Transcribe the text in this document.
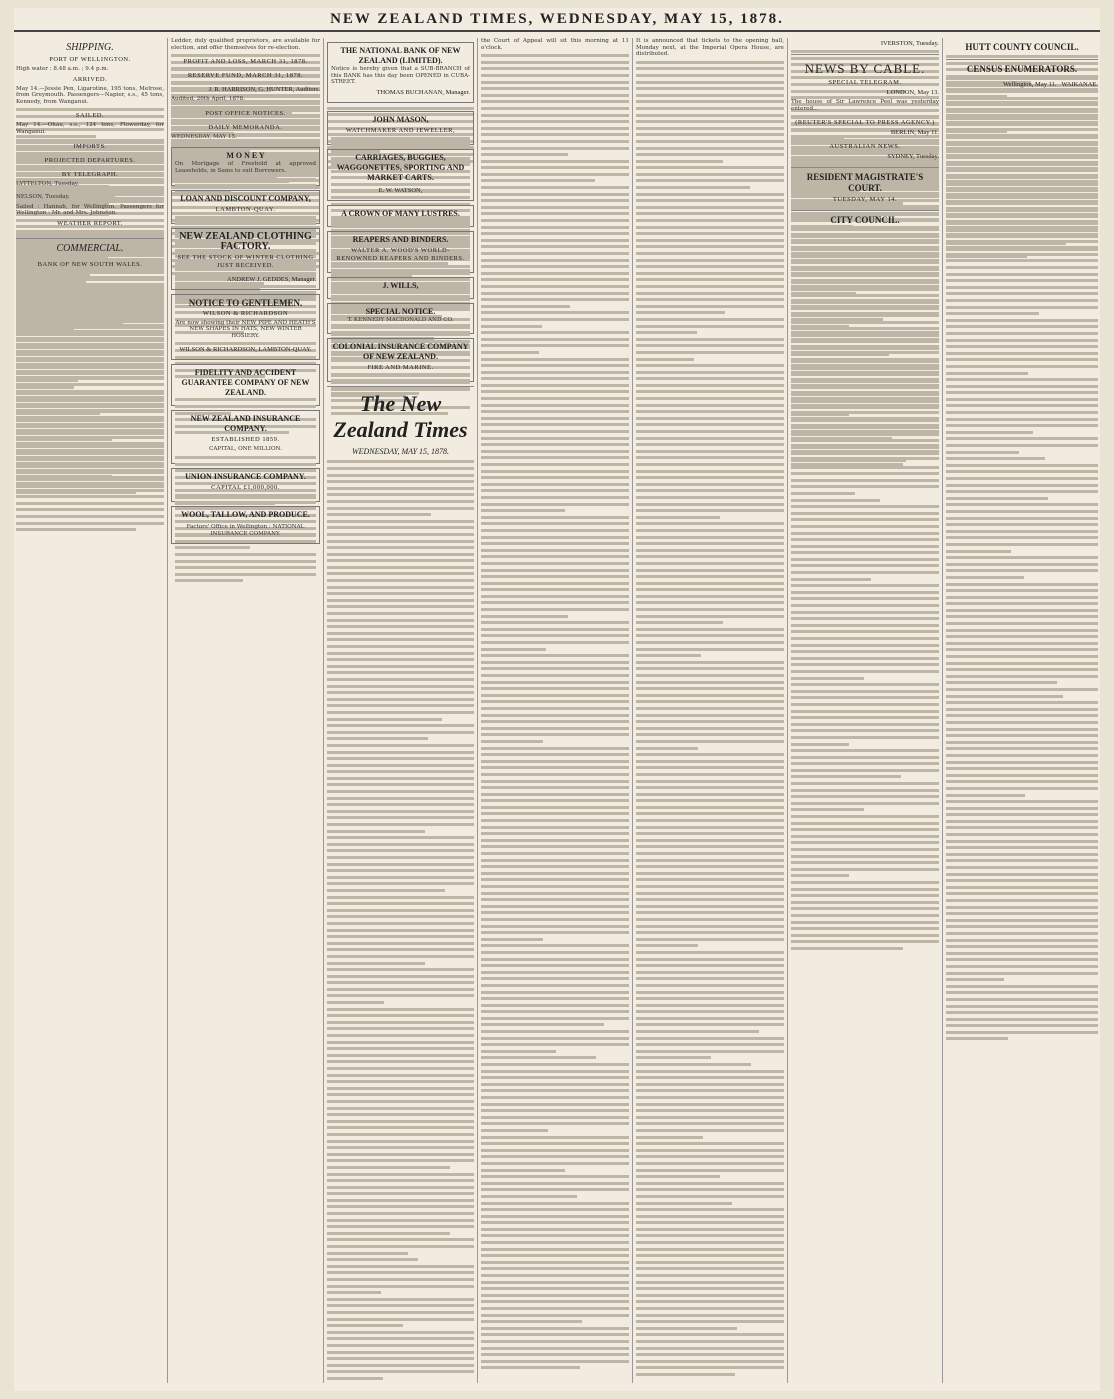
NEW ZEALAND TIMES, WEDNESDAY, MAY 15, 1878.
SHIPPING.
PORT OF WELLINGTON.

High water : 8.48 a.m. ; 9.4 p.m.

ARRIVED.

May 14.—Jessie Pen, Ligarotine, 195 tons, Melrose, from Greymouth. Passengers—Napier, s.s., 45 tons, Kennedy, from Wanganui.

SAILED.

May 14.—Ohau, s.s., 124 tons, Flowerday, for Wanganui.

IMPORTS.
PROJECTED DEPARTURES.
BY TELEGRAPH.

LYTTELTON, Tuesday.

NELSON, Tuesday.

Sailed : Hannah, for Wellington. Passengers for Wellington : Mr. and Mrs. Johnston.

WEATHER REPORT.
COMMERCIAL.
BANK OF NEW SOUTH WALES.

Ledder, duly qualified proprietors, are available for election, and offer themselves for re-election.

PROFIT AND LOSS, MARCH 31, 1878.
RESERVE FUND, MARCH 31, 1878.
J. R. HARRISON, G. HUNTER, Auditors.

Audited, 20th April, 1878.

POST OFFICE NOTICES.
DAILY MEMORANDA.

WEDNESDAY, MAY 15.

M O N E Y

On Mortgage of Freehold at approved Leaseholds, in Sums to suit Borrowers.

LOAN AND DISCOUNT COMPANY,
LAMBTON-QUAY.
NEW ZEALAND CLOTHING FACTORY.
SEE THE STOCK OF WINTER CLOTHING JUST RECEIVED.
ANDREW J. GEDDES, Manager.
NOTICE TO GENTLEMEN.
WILSON & RICHARDSON

Are now showing their NEW PIPE AND HEATH'S NEW SHAPES IN HATS, NEW WINTER HOSIERY.

WILSON & RICHARDSON, LAMBTON-QUAY.
FIDELITY AND ACCIDENT GUARANTEE COMPANY OF NEW ZEALAND.
NEW ZEALAND INSURANCE COMPANY.
ESTABLISHED 1859.

CAPITAL, ONE MILLION.

UNION INSURANCE COMPANY.
CAPITAL £1,000,000.
WOOL, TALLOW, AND PRODUCE.

Factors' Office in Wellington : NATIONAL INSURANCE COMPANY.

THE NATIONAL BANK OF NEW ZEALAND (LIMITED).

Notice is hereby given that a SUB-BRANCH of this BANK has this day been OPENED in CUBA-STREET.

THOMAS BUCHANAN, Manager.
JOHN MASON,
WATCHMAKER AND JEWELLER,
CARRIAGES, BUGGIES, WAGGONETTES, SPORTING AND MARKET CARTS.
E. W. WATSON,
A CROWN OF MANY LUSTRES.
REAPERS AND BINDERS.
WALTER A. WOOD'S WORLD-RENOWNED REAPERS AND BINDERS.
J. WILLS,
SPECIAL NOTICE.

T. KENNEDY MACDONALD AND CO.

COLONIAL INSURANCE COMPANY OF NEW ZEALAND.
FIRE AND MARINE.
The New Zealand Times
WEDNESDAY, MAY 15, 1878.

the Court of Appeal will sit this morning at 11 o'clock.

It is announced that tickets to the opening ball, Monday next, at the Imperial Opera House, are distributed.

IVERSTON, Tuesday.
NEWS BY CABLE.
SPECIAL TELEGRAM.
LONDON, May 13.

The house of Sir Lawrence Peel was yesterday entered...

(REUTER'S SPECIAL TO PRESS AGENCY.)
BERLIN, May 11.
AUSTRALIAN NEWS.
SYDNEY, Tuesday.
RESIDENT MAGISTRATE'S COURT.
TUESDAY, MAY 14.
CITY COUNCIL.
HUTT COUNTY COUNCIL.
CENSUS ENUMERATORS.
Wellington, May 11. WAIKANAE.
